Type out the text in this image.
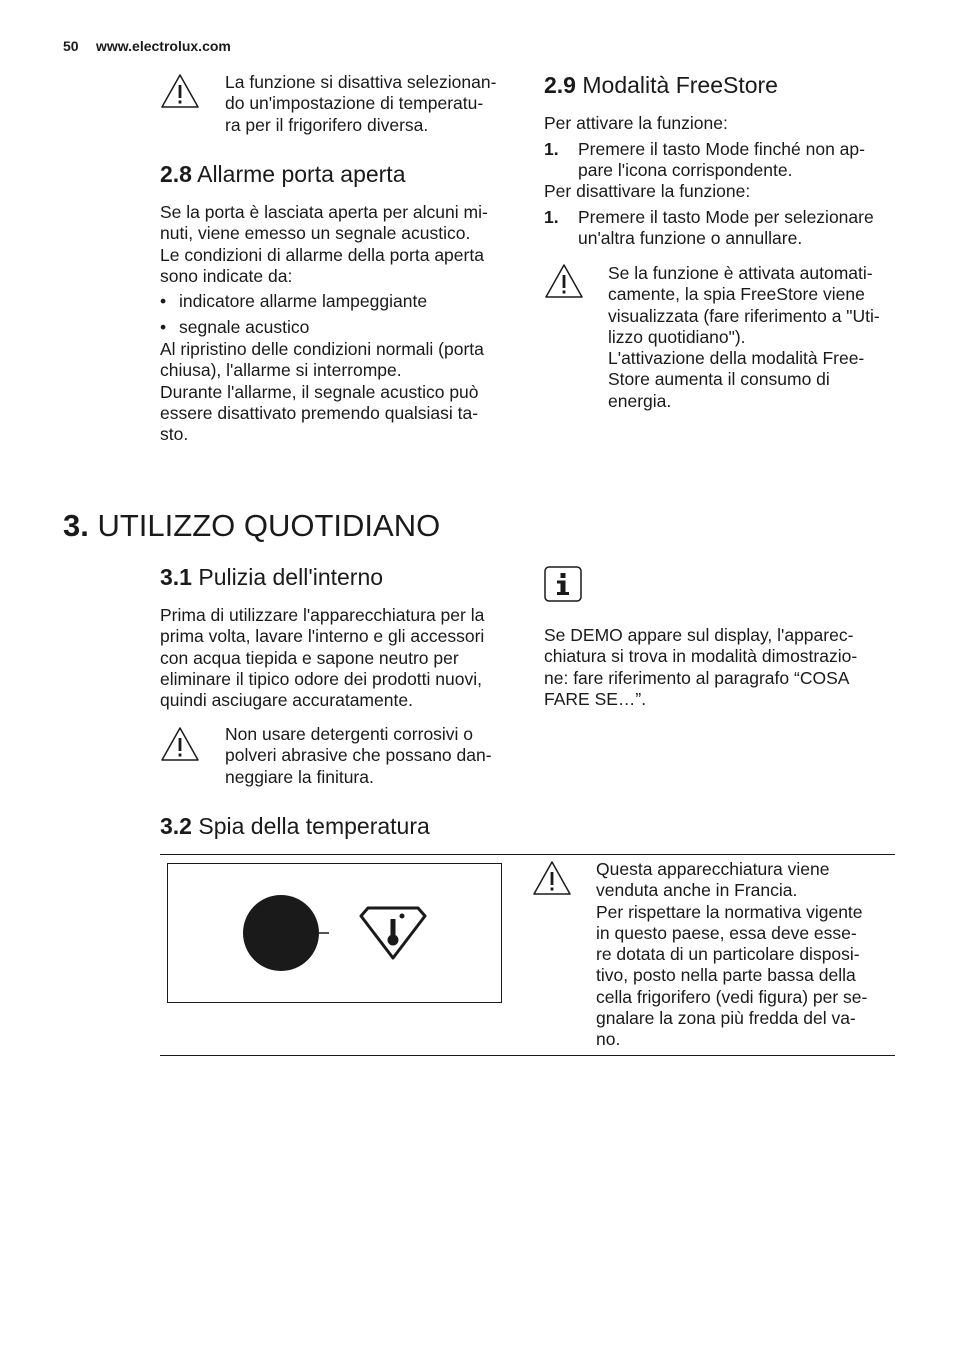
50 www.electrolux.com
La funzione si disattiva selezionan-
do un'impostazione di temperatu-
ra per il frigorifero diversa.
2.8 Allarme porta aperta
Se la porta è lasciata aperta per alcuni mi-
nuti, viene emesso un segnale acustico.
Le condizioni di allarme della porta aperta
sono indicate da:
• indicatore allarme lampeggiante
• segnale acustico
Al ripristino delle condizioni normali (porta
chiusa), l'allarme si interrompe.
Durante l'allarme, il segnale acustico può
essere disattivato premendo qualsiasi ta-
sto.
2.9 Modalità FreeStore
Per attivare la funzione:
1.	Premere il tasto Mode finché non ap-
pare l'icona corrispondente.
Per disattivare la funzione:
1.	Premere il tasto Mode per selezionare
un'altra funzione o annullare.
Se la funzione è attivata automati-
camente, la spia FreeStore viene
visualizzata (fare riferimento a "Uti-
lizzo quotidiano").
L'attivazione della modalità Free-
Store aumenta il consumo di
energia.
3. UTILIZZO QUOTIDIANO
3.1 Pulizia dell'interno
Prima di utilizzare l'apparecchiatura per la
prima volta, lavare l'interno e gli accessori
con acqua tiepida e sapone neutro per
eliminare il tipico odore dei prodotti nuovi,
quindi asciugare accuratamente.
Non usare detergenti corrosivi o
polveri abrasive che possano dan-
neggiare la finitura.
Se DEMO appare sul display, l'apparec-
chiatura si trova in modalità dimostrazio-
ne: fare riferimento al paragrafo “COSA
FARE SE…”.
3.2 Spia della temperatura
Questa apparecchiatura viene
venduta anche in Francia.
Per rispettare la normativa vigente
in questo paese, essa deve esse-
re dotata di un particolare disposi-
tivo, posto nella parte bassa della
cella frigorifero (vedi figura) per se-
gnalare la zona più fredda del va-
no.
